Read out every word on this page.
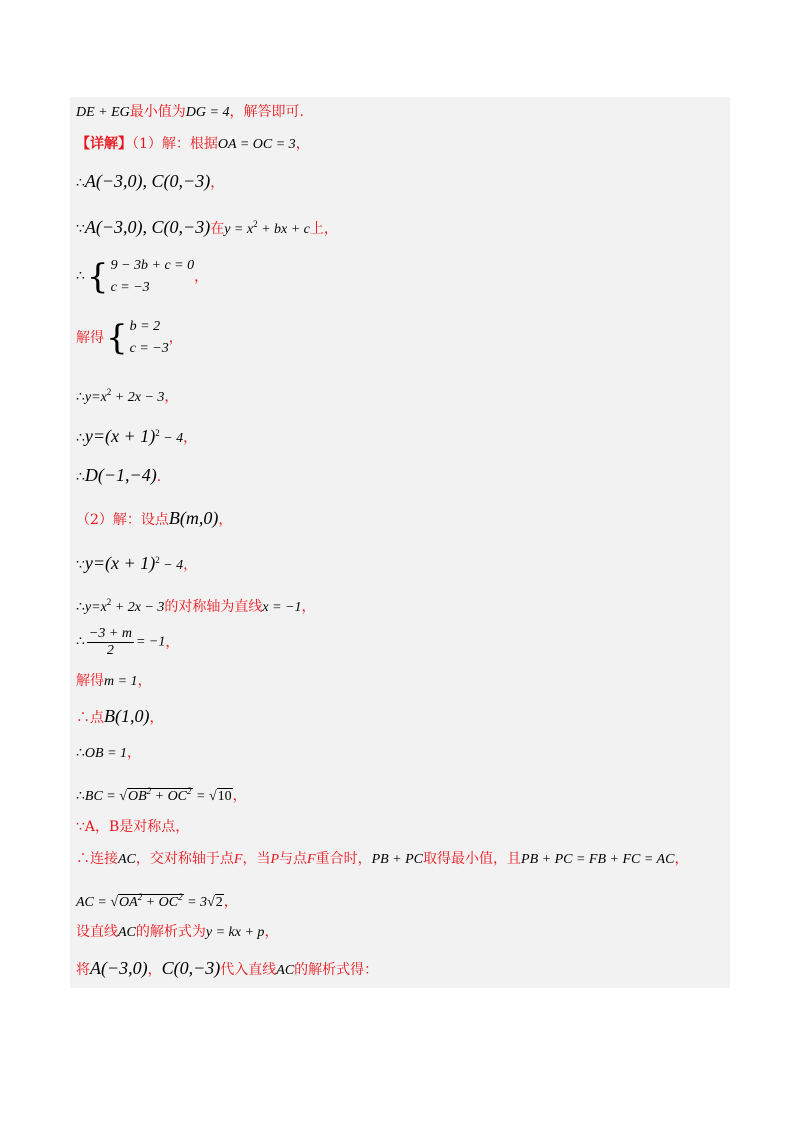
DE + EG最小值为DG = 4，解答即可.
【详解】（1）解：根据OA = OC = 3，
∴A(−3,0), C(0,−3)，
∵A(−3,0), C(0,−3)在$y = x^2$ + bx + c上，
∴{ 9 − 3b + c = 0
c = −3
，
解得{ b = 2
c = −3
，
$\therefore y=x^2 + 2x - 3$，
∴y=(x + 1)$^2$ − 4，
∴D(−1,−4).
（2）解：设点B(m,0)，
∵y=(x + 1)$^2$ − 4，
$\therefore y=x^2 + 2x - 3$的对称轴为直线x = −1，
∴ $\frac{-3 + m}{2} = -1$，
解得m = 1，
∴点B(1,0)，
∴OB = 1，
∴BC = $√OB^2 + OC^2 = √10$，
∵A，B是对称点，
∴连接AC，交对称轴于点F，当P与点F重合时，PB + PC取得最小值，且PB + PC = FB + FC = AC，
AC = $√OA^2 + OC^2 = 3√2$，
设直线AC的解析式为y = kx + p，
将A(−3,0)，C(0,−3)代入直线AC的解析式得：
